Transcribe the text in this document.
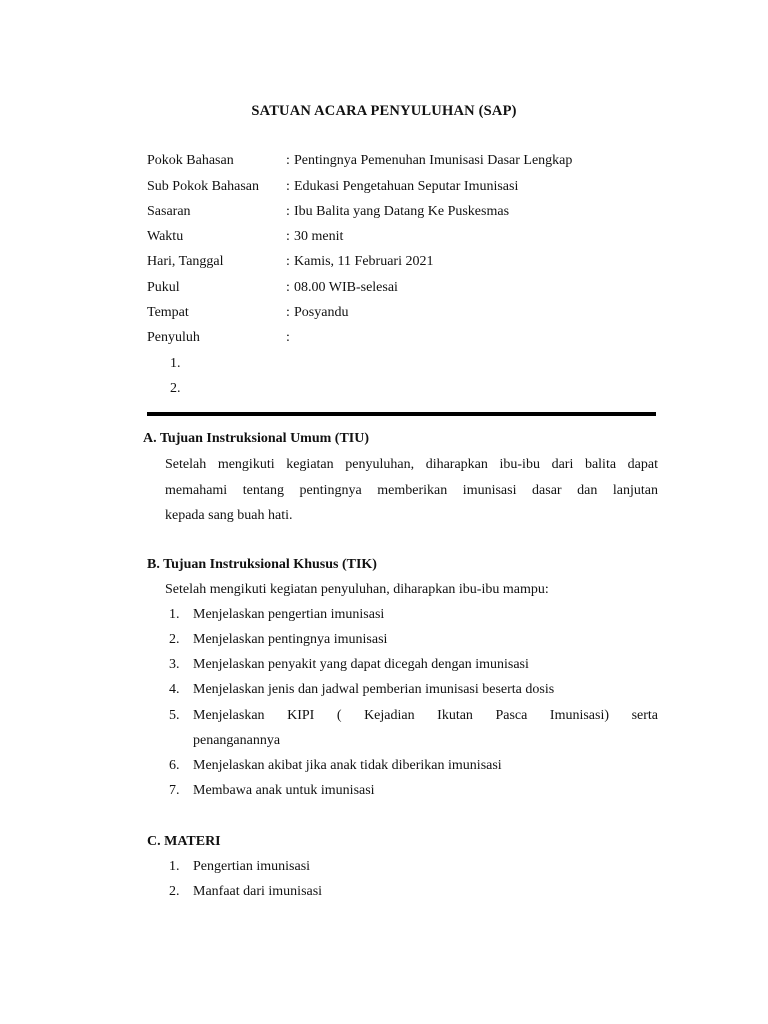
SATUAN ACARA PENYULUHAN (SAP)
Pokok Bahasan	: Pentingnya Pemenuhan Imunisasi Dasar Lengkap
Sub Pokok Bahasan : Edukasi Pengetahuan Seputar Imunisasi
Sasaran	: Ibu Balita yang Datang Ke Puskesmas
Waktu	: 30 menit
Hari, Tanggal	: Kamis, 11 Februari 2021
Pukul	: 08.00 WIB-selesai
Tempat	: Posyandu
Penyuluh	:
1.
2.
A. Tujuan Instruksional Umum (TIU)
Setelah mengikuti kegiatan penyuluhan, diharapkan ibu-ibu dari balita dapat
memahami tentang pentingnya memberikan imunisasi dasar dan lanjutan
kepada sang buah hati.
B. Tujuan Instruksional Khusus (TIK)
Setelah mengikuti kegiatan penyuluhan, diharapkan ibu-ibu mampu:
1. Menjelaskan pengertian imunisasi
2. Menjelaskan pentingnya imunisasi
3. Menjelaskan penyakit yang dapat dicegah dengan imunisasi
4. Menjelaskan jenis dan jadwal pemberian imunisasi beserta dosis
5. Menjelaskan KIPI ( Kejadian Ikutan Pasca Imunisasi) serta
penanganannya
6. Menjelaskan akibat jika anak tidak diberikan imunisasi
7. Membawa anak untuk imunisasi
C. MATERI
1. Pengertian imunisasi
2. Manfaat dari imunisasi
